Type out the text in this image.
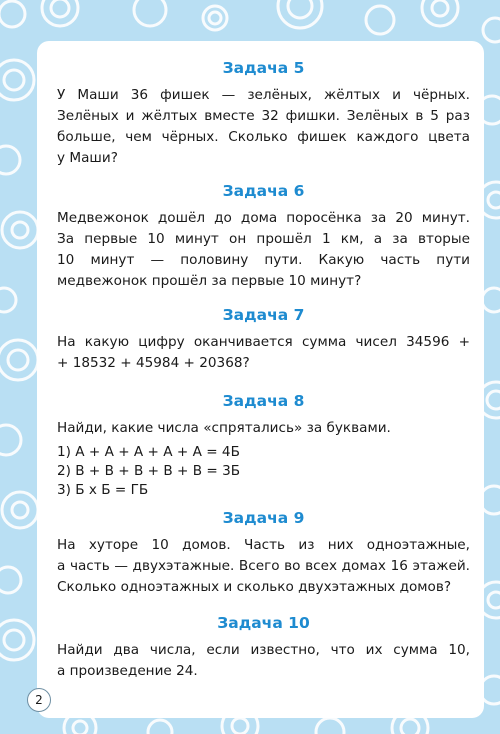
Задача 5
У Маши 36 фишек — зелёных, жёлтых и чёрных.
Зелёных и жёлтых вместе 32 фишки. Зелёных в 5 раз
больше, чем чёрных. Сколько фишек каждого цвета
у Маши?
Задача 6
Медвежонок дошёл до дома поросёнка за 20 минут.
За первые 10 минут он прошёл 1 км, а за вторые
10 минут — половину пути. Какую часть пути
медвежонок прошёл за первые 10 минут?
Задача 7
На какую цифру оканчивается сумма чисел 34596 +
+ 18532 + 45984 + 20368?
Задача 8
Найди, какие числа «спрятались» за буквами.
1) А + А + А + А + А = 4Б
2) В + В + В + В + В = 3Б
3) Б х Б = ГБ
Задача 9
На хуторе 10 домов. Часть из них одноэтажные,
а часть — двухэтажные. Всего во всех домах 16 этажей.
Сколько одноэтажных и сколько двухэтажных домов?
Задача 10
Найди два числа, если известно, что их сумма 10,
а произведение 24.
2
